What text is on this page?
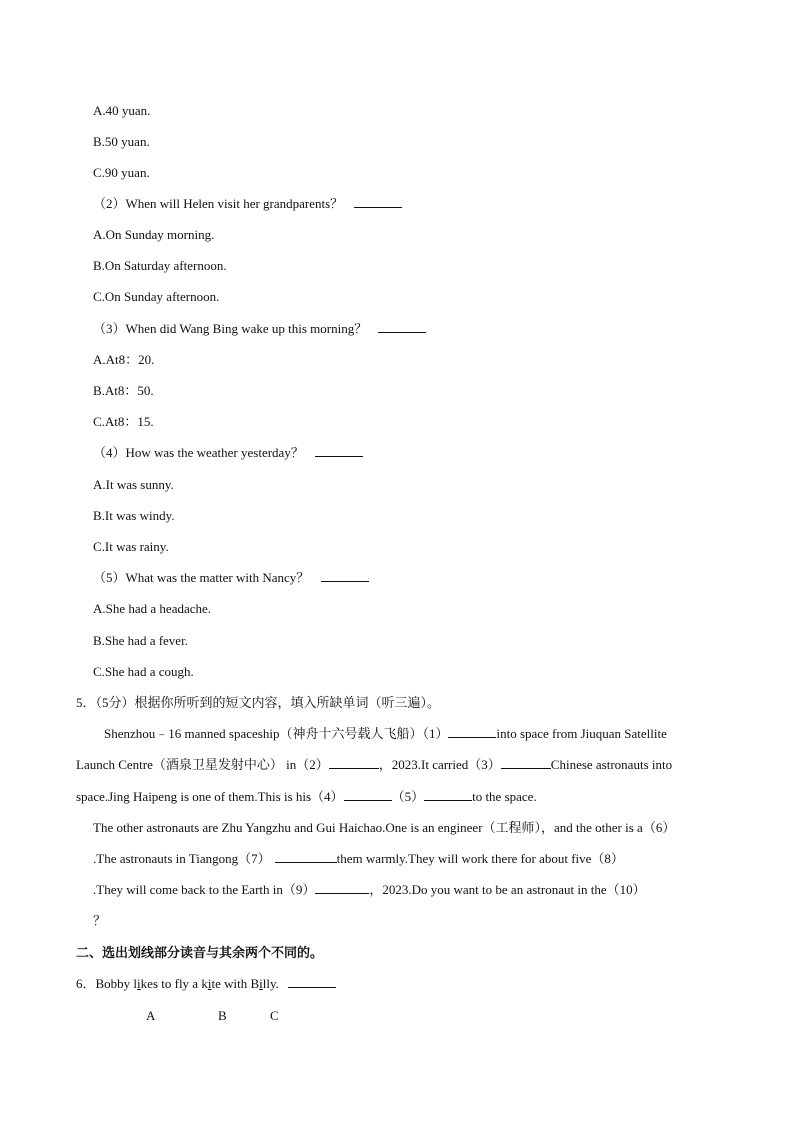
A.40 yuan.
B.50 yuan.
C.90 yuan.
（2）When will Helen visit her grandparents？
A.On Sunday morning.
B.On Saturday afternoon.
C.On Sunday afternoon.
（3）When did Wang Bing wake up this morning？
A.At8：20.
B.At8：50.
C.At8：15.
（4）How was the weather yesterday？
A.It was sunny.
B.It was windy.
C.It was rainy.
（5）What was the matter with Nancy？
A.She had a headache.
B.She had a fever.
C.She had a cough.
5．（5分）根据你所听到的短文内容，填入所缺单词（听三遍）。
Shenzhou﹣16 manned spaceship（神舟十六号载人飞船）（1）	into space from Jiuquan Satellite
Launch Centre（酒泉卫星发射中心） in（2）	，2023.It carried（3）	Chinese astronauts into
space.Jing Haipeng is one of them.This is his（4）	（5）	to the space.
The other astronauts are Zhu Yangzhu and Gui Haichao.One is an engineer（工程师），and the other is a（6）
.The astronauts in Tiangong（7）	them warmly.They will work there for about five（8）
.They will come back to the Earth in（9）	，2023.Do you want to be an astronaut in the（10）
？
二、选出划线部分读音与其余两个不同的。
6．Bobby likes to fly a kite with Billy.
A	B	C
